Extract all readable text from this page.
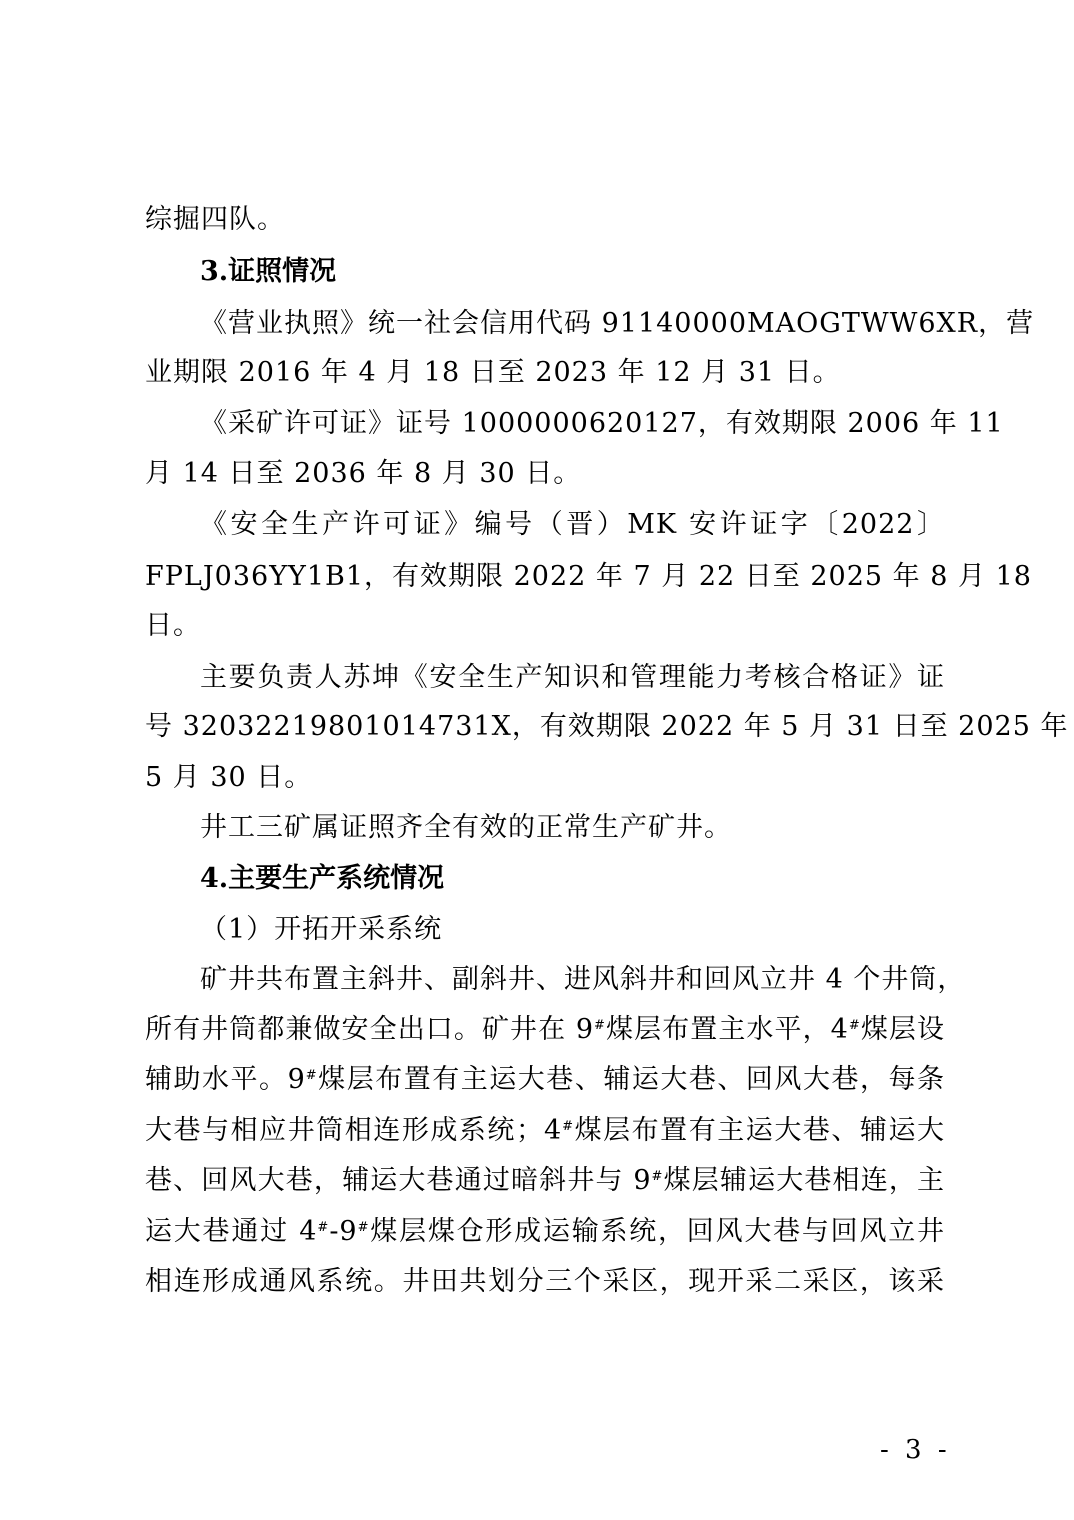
综掘四队。
3.证照情况
《营业执照》统一社会信用代码 91140000MAOGTWW6XR，营
业期限 2016 年 4 月 18 日至 2023 年 12 月 31 日。
《采矿许可证》证号 1000000620127，有效期限 2006 年 11
月 14 日至 2036 年 8 月 30 日。
《安全生产许可证》编号（晋）MK 安许证字〔2022〕
FPLJ036YY1B1，有效期限 2022 年 7 月 22 日至 2025 年 8 月 18
日。
主要负责人苏坤《安全生产知识和管理能力考核合格证》证
号 32032219801014731X，有效期限 2022 年 5 月 31 日至 2025 年
5 月 30 日。
井工三矿属证照齐全有效的正常生产矿井。
4.主要生产系统情况
（1）开拓开采系统
矿井共布置主斜井、副斜井、进风斜井和回风立井 4 个井筒，
所有井筒都兼做安全出口。矿井在 9#煤层布置主水平，4#煤层设
辅助水平。9#煤层布置有主运大巷、辅运大巷、回风大巷，每条
大巷与相应井筒相连形成系统；4#煤层布置有主运大巷、辅运大
巷、回风大巷，辅运大巷通过暗斜井与 9#煤层辅运大巷相连，主
运大巷通过 4#-9#煤层煤仓形成运输系统，回风大巷与回风立井
相连形成通风系统。井田共划分三个采区，现开采二采区，该采
- 3 -
